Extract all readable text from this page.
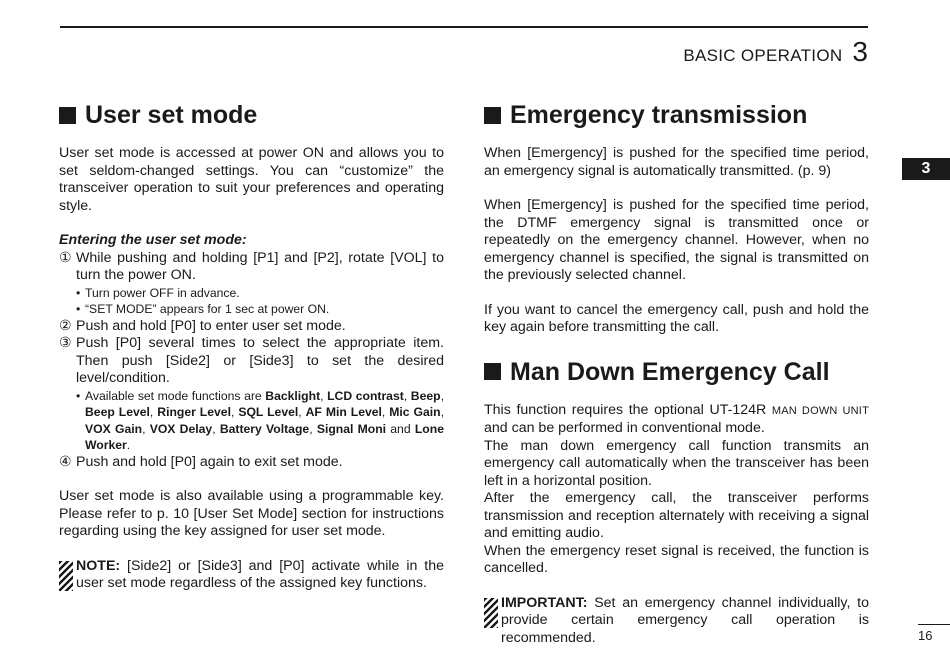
BASIC OPERATION 3
3
User set mode

User set mode is accessed at power ON and allows you to set seldom-changed settings. You can “customize” the transceiver operation to suit your preferences and operating style.

Entering the user set mode:

① While pushing and holding [P1] and [P2], rotate [VOL] to turn the power ON.
• Turn power OFF in advance.
• “SET MODE” appears for 1 sec at power ON.
② Push and hold [P0] to enter user set mode.
③ Push [P0] several times to select the appropriate item. Then push [Side2] or [Side3] to set the desired level/condition.
• Available set mode functions are Backlight, LCD contrast, Beep, Beep Level, Ringer Level, SQL Level, AF Min Level, Mic Gain, VOX Gain, VOX Delay, Battery Voltage, Signal Moni and Lone Worker.
④ Push and hold [P0] again to exit set mode.

User set mode is also available using a programmable key. Please refer to p. 10 [User Set Mode] section for instructions regarding using the key assigned for user set mode.

NOTE: [Side2] or [Side3] and [P0] activate while in the user set mode regardless of the assigned key functions.
Emergency transmission

When [Emergency] is pushed for the specified time period, an emergency signal is automatically transmitted. (p. 9)

When [Emergency] is pushed for the specified time period, the DTMF emergency signal is transmitted once or repeatedly on the emergency channel. However, when no emergency channel is specified, the signal is transmitted on the previously selected channel.

If you want to cancel the emergency call, push and hold the key again before transmitting the call.

Man Down Emergency Call

This function requires the optional UT-124R MAN DOWN UNIT and can be performed in conventional mode.

The man down emergency call function transmits an emergency call automatically when the transceiver has been left in a horizontal position.

After the emergency call, the transceiver performs transmission and reception alternately with receiving a signal and emitting audio.

When the emergency reset signal is received, the function is cancelled.

IMPORTANT: Set an emergency channel individually, to provide certain emergency call operation is recommended.	16
